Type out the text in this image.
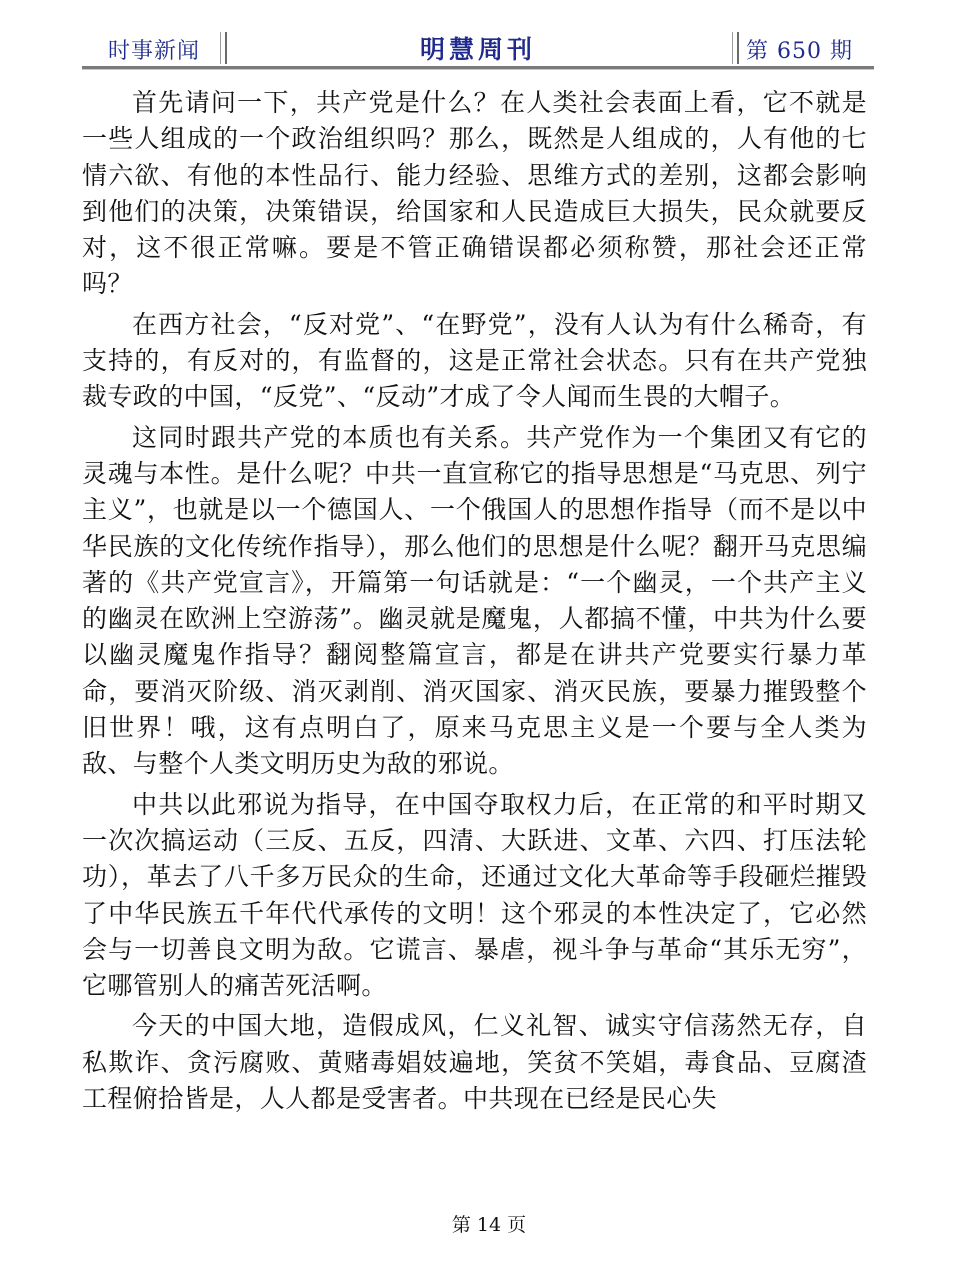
时事新闻	明慧周刊	第 650 期

首先请问一下，共产党是什么？在人类社会表面上看，它不就是一些人组成的一个政治组织吗？那么，既然是人组成的，人有他的七情六欲、有他的本性品行、能力经验、思维方式的差别，这都会影响到他们的决策，决策错误，给国家和人民造成巨大损失，民众就要反对，这不很正常嘛。要是不管正确错误都必须称赞，那社会还正常吗？

在西方社会，“反对党”、“在野党”，没有人认为有什么稀奇，有支持的，有反对的，有监督的，这是正常社会状态。只有在共产党独裁专政的中国，“反党”、“反动”才成了令人闻而生畏的大帽子。

这同时跟共产党的本质也有关系。共产党作为一个集团又有它的灵魂与本性。是什么呢？中共一直宣称它的指导思想是“马克思、列宁主义”，也就是以一个德国人、一个俄国人的思想作指导（而不是以中华民族的文化传统作指导），那么他们的思想是什么呢？翻开马克思编著的《共产党宣言》，开篇第一句话就是：“一个幽灵，一个共产主义的幽灵在欧洲上空游荡”。幽灵就是魔鬼，人都搞不懂，中共为什么要以幽灵魔鬼作指导？翻阅整篇宣言，都是在讲共产党要实行暴力革命，要消灭阶级、消灭剥削、消灭国家、消灭民族，要暴力摧毁整个旧世界！哦，这有点明白了，原来马克思主义是一个要与全人类为敌、与整个人类文明历史为敌的邪说。

中共以此邪说为指导，在中国夺取权力后，在正常的和平时期又一次次搞运动（三反、五反，四清、大跃进、文革、六四、打压法轮功），革去了八千多万民众的生命，还通过文化大革命等手段砸烂摧毁了中华民族五千年代代承传的文明！这个邪灵的本性决定了，它必然会与一切善良文明为敌。它谎言、暴虐，视斗争与革命“其乐无穷”，它哪管别人的痛苦死活啊。

今天的中国大地，造假成风，仁义礼智、诚实守信荡然无存，自私欺诈、贪污腐败、黄赌毒娼妓遍地，笑贫不笑娼，毒食品、豆腐渣工程俯拾皆是，人人都是受害者。中共现在已经是民心失

第 14 页
